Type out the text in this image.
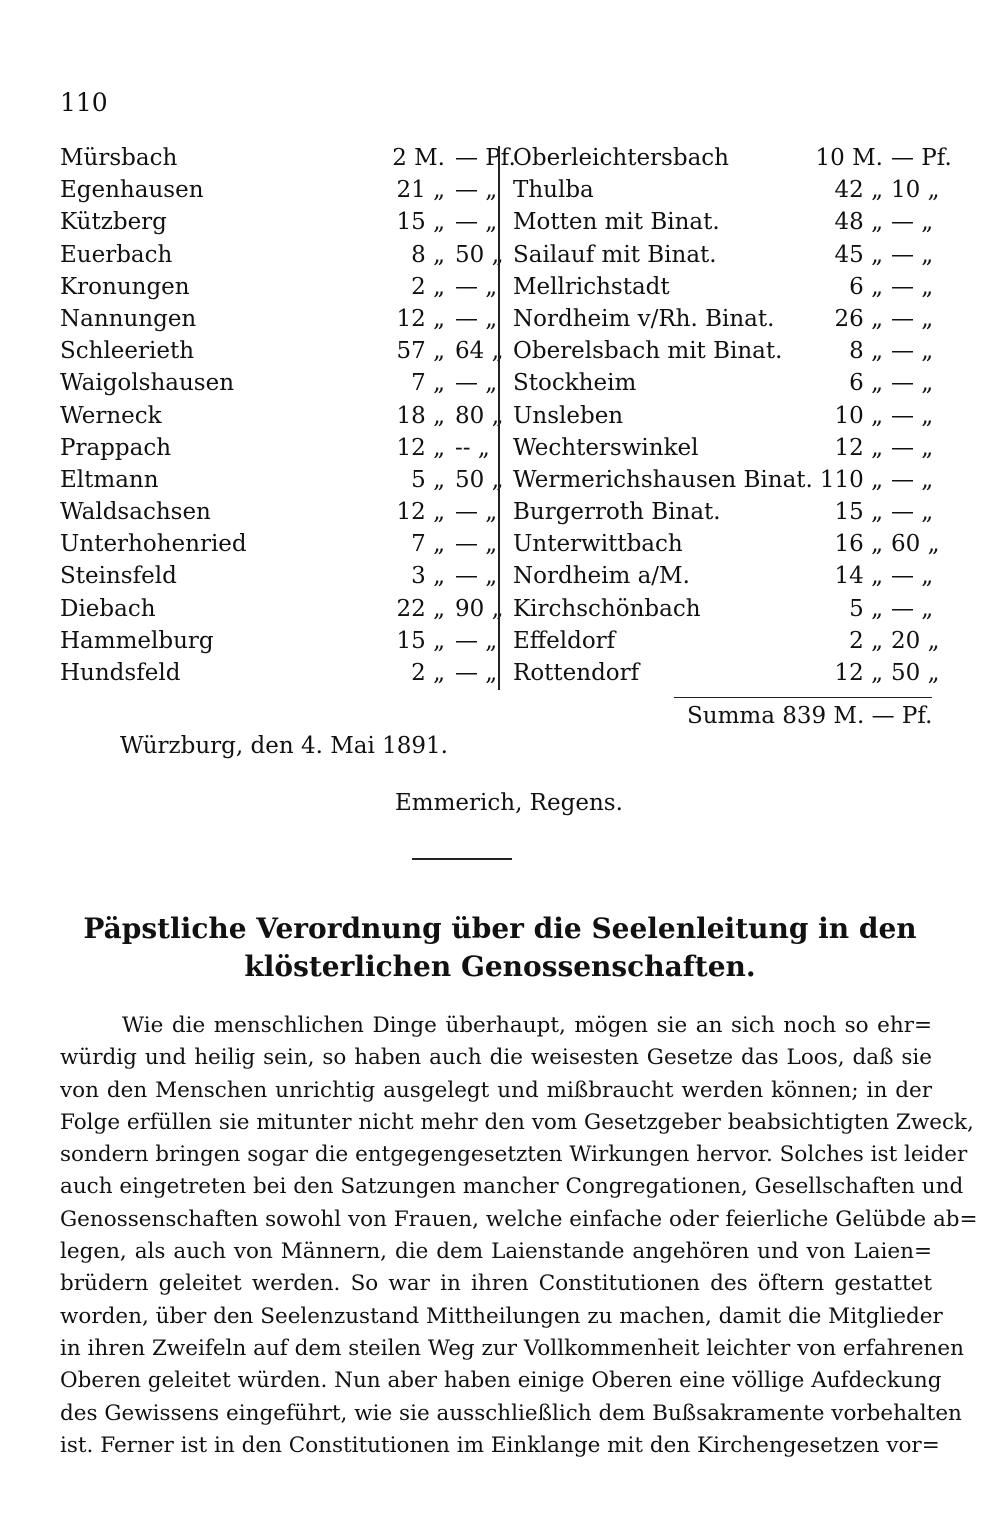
110
Mürsbach	2 M. — Pf.
Egenhausen	21 „ — „
Kützberg	15 „ — „
Euerbach	8 „ 50 „
Kronungen	2 „ — „
Nannungen	12 „ — „
Schleerieth	57 „ 64 „
Waigolshausen	7 „ — „
Werneck	18 „ 80 „
Prappach	12 „ -- „
Eltmann	5 „ 50 „
Waldsachsen	12 „ — „
Unterhohenried	7 „ — „
Steinsfeld	3 „ — „
Diebach	22 „ 90 „
Hammelburg	15 „ — „
Hundsfeld	2 „ — „
Oberleichtersbach	10 M. — Pf.
Thulba	42 „ 10 „
Motten mit Binat.	48 „ — „
Sailauf mit Binat.	45 „ — „
Mellrichstadt	6 „ — „
Nordheim v/Rh. Binat.	26 „ — „
Oberelsbach mit Binat.	8 „ — „
Stockheim	6 „ — „
Unsleben	10 „ — „
Wechterswinkel	12 „ — „
Wermerichshausen Binat. 110 „ — „
Burgerroth Binat.	15 „ — „
Unterwittbach	16 „ 60 „
Nordheim a/M.	14 „ — „
Kirchschönbach	5 „ — „
Effeldorf	2 „ 20 „
Rottendorf	12 „ 50 „
Summa 839 M. — Pf.
Würzburg, den 4. Mai 1891.
Emmerich, Regens.
Päpstliche Verordnung über die Seelenleitung in den
klösterlichen Genossenschaften.
Wie die menschlichen Dinge überhaupt, mögen sie an sich noch so ehr=
würdig und heilig sein, so haben auch die weisesten Gesetze das Loos, daß sie
von den Menschen unrichtig ausgelegt und mißbraucht werden können; in der
Folge erfüllen sie mitunter nicht mehr den vom Gesetzgeber beabsichtigten Zweck,
sondern bringen sogar die entgegengesetzten Wirkungen hervor. Solches ist leider
auch eingetreten bei den Satzungen mancher Congregationen, Gesellschaften und
Genossenschaften sowohl von Frauen, welche einfache oder feierliche Gelübde ab=
legen, als auch von Männern, die dem Laienstande angehören und von Laien=
brüdern geleitet werden. So war in ihren Constitutionen des öftern gestattet
worden, über den Seelenzustand Mittheilungen zu machen, damit die Mitglieder
in ihren Zweifeln auf dem steilen Weg zur Vollkommenheit leichter von erfahrenen
Oberen geleitet würden. Nun aber haben einige Oberen eine völlige Aufdeckung
des Gewissens eingeführt, wie sie ausschließlich dem Bußsakramente vorbehalten
ist. Ferner ist in den Constitutionen im Einklange mit den Kirchengesetzen vor=
